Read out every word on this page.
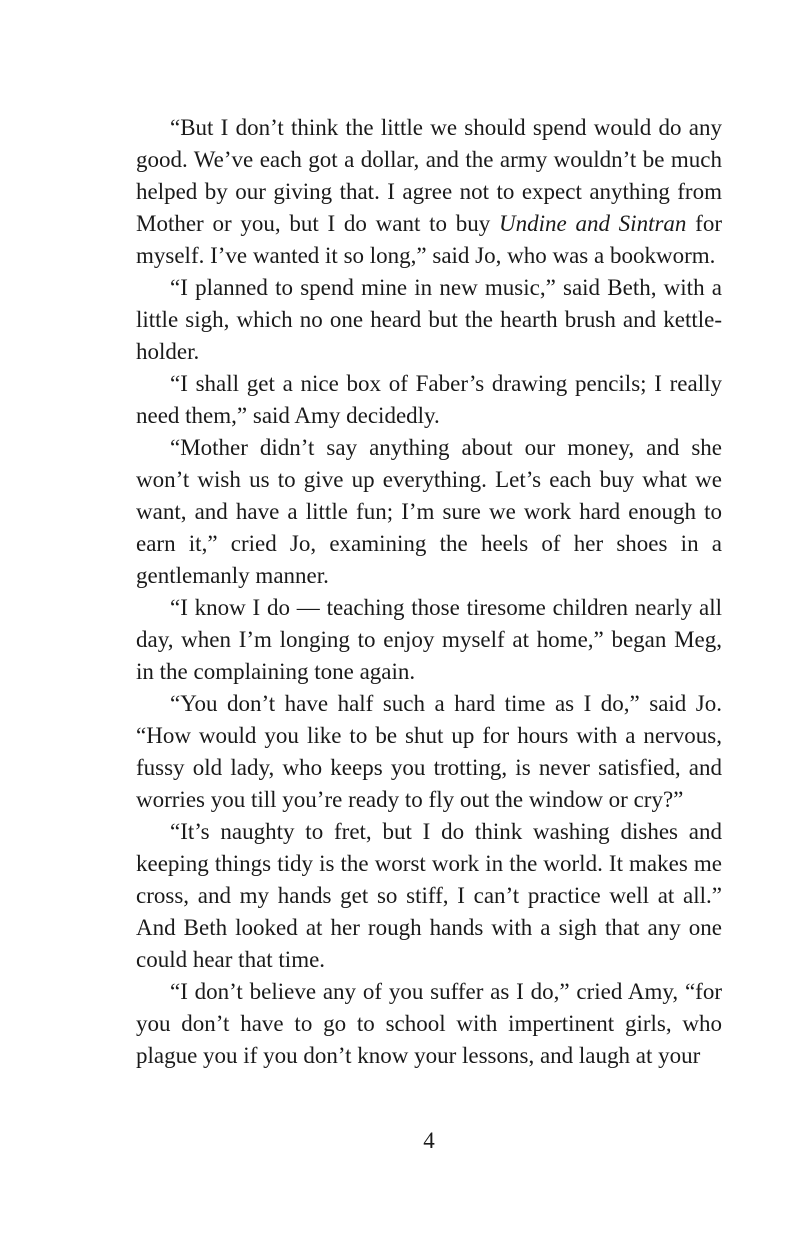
“But I don’t think the little we should spend would do any good. We’ve each got a dollar, and the army wouldn’t be much helped by our giving that. I agree not to expect anything from Mother or you, but I do want to buy Undine and Sintran for myself. I’ve wanted it so long,” said Jo, who was a bookworm.

“I planned to spend mine in new music,” said Beth, with a little sigh, which no one heard but the hearth brush and kettle-holder.

“I shall get a nice box of Faber’s drawing pencils; I really need them,” said Amy decidedly.

“Mother didn’t say anything about our money, and she won’t wish us to give up everything. Let’s each buy what we want, and have a little fun; I’m sure we work hard enough to earn it,” cried Jo, examining the heels of her shoes in a gentlemanly manner.

“I know I do — teaching those tiresome children nearly all day, when I’m longing to enjoy myself at home,” began Meg, in the complaining tone again.

“You don’t have half such a hard time as I do,” said Jo. “How would you like to be shut up for hours with a nervous, fussy old lady, who keeps you trotting, is never satisfied, and worries you till you’re ready to fly out the window or cry?”

“It’s naughty to fret, but I do think washing dishes and keeping things tidy is the worst work in the world. It makes me cross, and my hands get so stiff, I can’t practice well at all.” And Beth looked at her rough hands with a sigh that any one could hear that time.

“I don’t believe any of you suffer as I do,” cried Amy, “for you don’t have to go to school with impertinent girls, who plague you if you don’t know your lessons, and laugh at your

4
